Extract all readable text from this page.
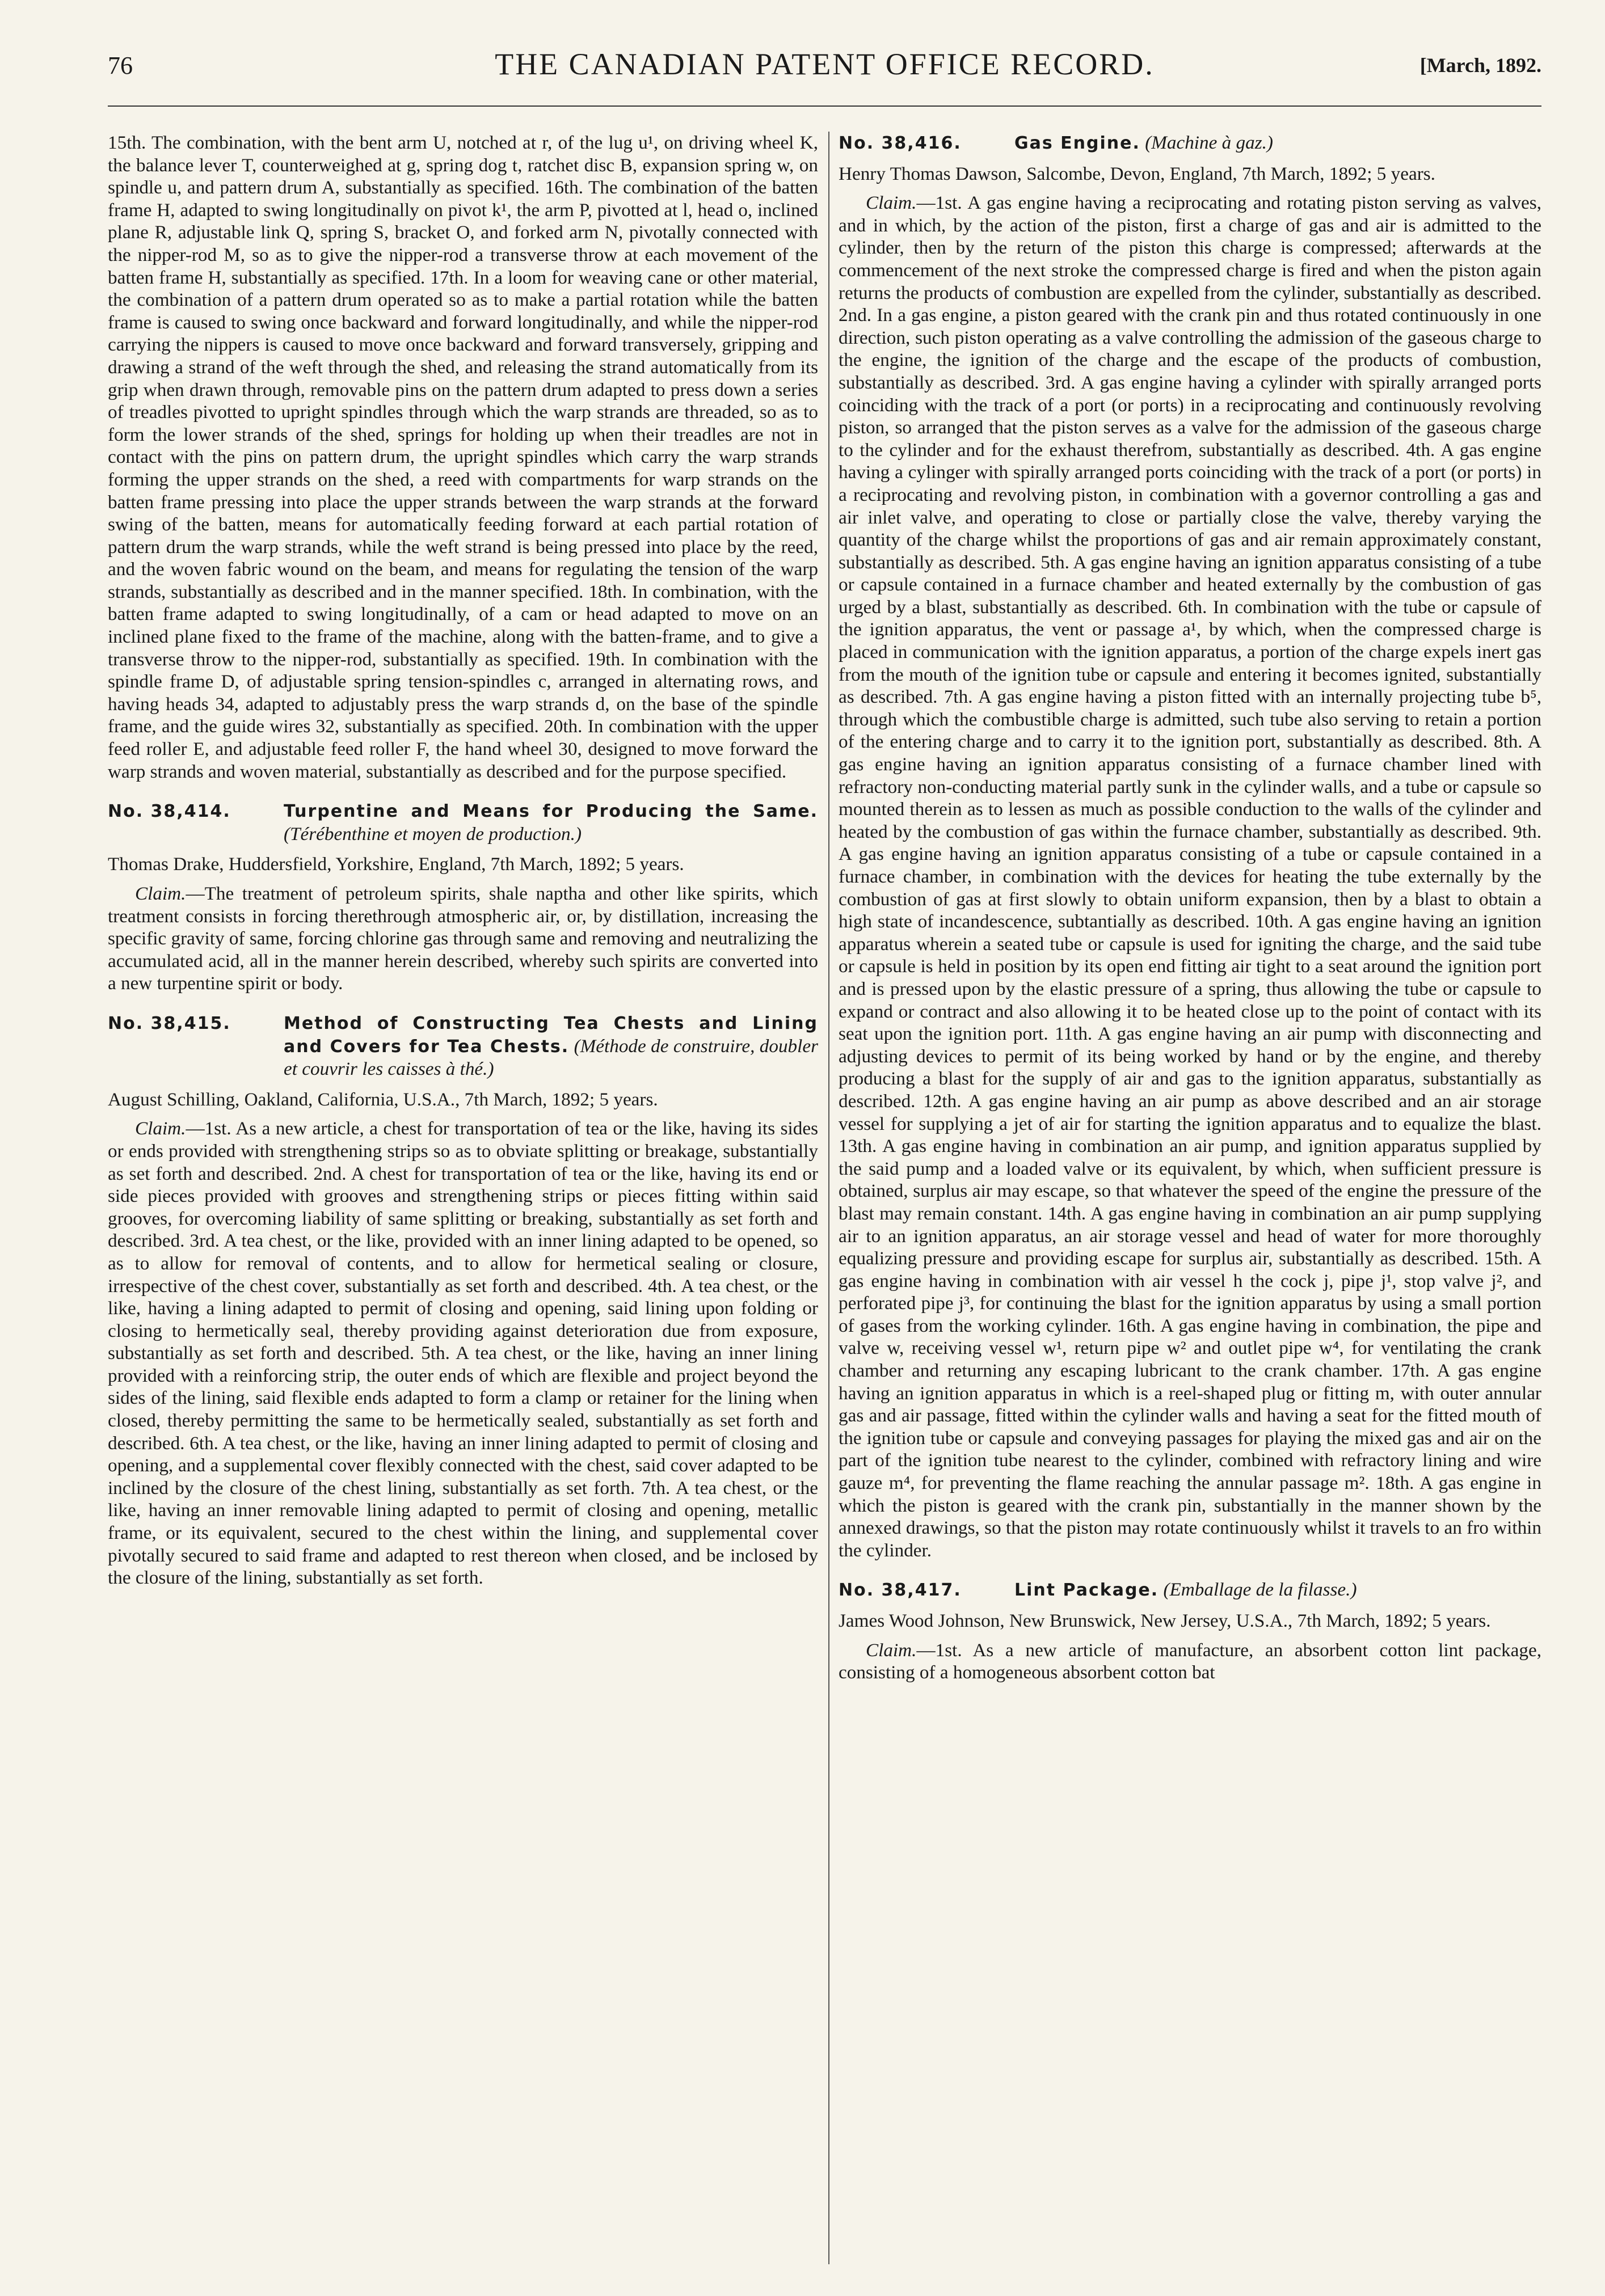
76	THE CANADIAN PATENT OFFICE RECORD.	[March, 1892.

15th. The combination, with the bent arm U, notched at r, of the lug u¹, on driving wheel K, the balance lever T, counterweighed at g, spring dog t, ratchet disc B, expansion spring w, on spindle u, and pattern drum A, substantially as specified. 16th. The combination of the batten frame H, adapted to swing longitudinally on pivot k¹, the arm P, pivotted at l, head o, inclined plane R, adjustable link Q, spring S, bracket O, and forked arm N, pivotally connected with the nipper-rod M, so as to give the nipper-rod a transverse throw at each movement of the batten frame H, substantially as specified. 17th. In a loom for weaving cane or other material, the combination of a pattern drum operated so as to make a partial rotation while the batten frame is caused to swing once backward and forward longitudinally, and while the nipper-rod carrying the nippers is caused to move once backward and forward transversely, gripping and drawing a strand of the weft through the shed, and releasing the strand automatically from its grip when drawn through, removable pins on the pattern drum adapted to press down a series of treadles pivotted to upright spindles through which the warp strands are threaded, so as to form the lower strands of the shed, springs for holding up when their treadles are not in contact with the pins on pattern drum, the upright spindles which carry the warp strands forming the upper strands on the shed, a reed with compartments for warp strands on the batten frame pressing into place the upper strands between the warp strands at the forward swing of the batten, means for automatically feeding forward at each partial rotation of pattern drum the warp strands, while the weft strand is being pressed into place by the reed, and the woven fabric wound on the beam, and means for regulating the tension of the warp strands, substantially as described and in the manner specified. 18th. In combination, with the batten frame adapted to swing longitudinally, of a cam or head adapted to move on an inclined plane fixed to the frame of the machine, along with the batten-frame, and to give a transverse throw to the nipper-rod, substantially as specified. 19th. In combination with the spindle frame D, of adjustable spring tension-spindles c, arranged in alternating rows, and having heads 34, adapted to adjustably press the warp strands d, on the base of the spindle frame, and the guide wires 32, substantially as specified. 20th. In combination with the upper feed roller E, and adjustable feed roller F, the hand wheel 30, designed to move forward the warp strands and woven material, substantially as described and for the purpose specified.

No. 38,414.	Turpentine and Means for Producing the Same. (Térébenthine et moyen de production.)

Thomas Drake, Huddersfield, Yorkshire, England, 7th March, 1892; 5 years.

Claim.—The treatment of petroleum spirits, shale naptha and other like spirits, which treatment consists in forcing therethrough atmospheric air, or, by distillation, increasing the specific gravity of same, forcing chlorine gas through same and removing and neutralizing the accumulated acid, all in the manner herein described, whereby such spirits are converted into a new turpentine spirit or body.

No. 38,415.	Method of Constructing Tea Chests and Lining and Covers for Tea Chests. (Méthode de construire, doubler et couvrir les caisses à thé.)

August Schilling, Oakland, California, U.S.A., 7th March, 1892; 5 years.

Claim.—1st. As a new article, a chest for transportation of tea or the like, having its sides or ends provided with strengthening strips so as to obviate splitting or breakage, substantially as set forth and described. 2nd. A chest for transportation of tea or the like, having its end or side pieces provided with grooves and strengthening strips or pieces fitting within said grooves, for overcoming liability of same splitting or breaking, substantially as set forth and described. 3rd. A tea chest, or the like, provided with an inner lining adapted to be opened, so as to allow for removal of contents, and to allow for hermetical sealing or closure, irrespective of the chest cover, substantially as set forth and described. 4th. A tea chest, or the like, having a lining adapted to permit of closing and opening, said lining upon folding or closing to hermetically seal, thereby providing against deterioration due from exposure, substantially as set forth and described. 5th. A tea chest, or the like, having an inner lining provided with a reinforcing strip, the outer ends of which are flexible and project beyond the sides of the lining, said flexible ends adapted to form a clamp or retainer for the lining when closed, thereby permitting the same to be hermetically sealed, substantially as set forth and described. 6th. A tea chest, or the like, having an inner lining adapted to permit of closing and opening, and a supplemental cover flexibly connected with the chest, said cover adapted to be inclined by the closure of the chest lining, substantially as set forth. 7th. A tea chest, or the like, having an inner removable lining adapted to permit of closing and opening, metallic frame, or its equivalent, secured to the chest within the lining, and supplemental cover pivotally secured to said frame and adapted to rest thereon when closed, and be inclosed by the closure of the lining, substantially as set forth.

No. 38,416.	Gas Engine. (Machine à gaz.)

Henry Thomas Dawson, Salcombe, Devon, England, 7th March, 1892; 5 years.

Claim.—1st. A gas engine having a reciprocating and rotating piston serving as valves, and in which, by the action of the piston, first a charge of gas and air is admitted to the cylinder, then by the return of the piston this charge is compressed; afterwards at the commencement of the next stroke the compressed charge is fired and when the piston again returns the products of combustion are expelled from the cylinder, substantially as described. 2nd. In a gas engine, a piston geared with the crank pin and thus rotated continuously in one direction, such piston operating as a valve controlling the admission of the gaseous charge to the engine, the ignition of the charge and the escape of the products of combustion, substantially as described. 3rd. A gas engine having a cylinder with spirally arranged ports coinciding with the track of a port (or ports) in a reciprocating and continuously revolving piston, so arranged that the piston serves as a valve for the admission of the gaseous charge to the cylinder and for the exhaust therefrom, substantially as described. 4th. A gas engine having a cylinger with spirally arranged ports coinciding with the track of a port (or ports) in a reciprocating and revolving piston, in combination with a governor controlling a gas and air inlet valve, and operating to close or partially close the valve, thereby varying the quantity of the charge whilst the proportions of gas and air remain approximately constant, substantially as described. 5th. A gas engine having an ignition apparatus consisting of a tube or capsule contained in a furnace chamber and heated externally by the combustion of gas urged by a blast, substantially as described. 6th. In combination with the tube or capsule of the ignition apparatus, the vent or passage a¹, by which, when the compressed charge is placed in communication with the ignition apparatus, a portion of the charge expels inert gas from the mouth of the ignition tube or capsule and entering it becomes ignited, substantially as described. 7th. A gas engine having a piston fitted with an internally projecting tube b⁵, through which the combustible charge is admitted, such tube also serving to retain a portion of the entering charge and to carry it to the ignition port, substantially as described. 8th. A gas engine having an ignition apparatus consisting of a furnace chamber lined with refractory non-conducting material partly sunk in the cylinder walls, and a tube or capsule so mounted therein as to lessen as much as possible conduction to the walls of the cylinder and heated by the combustion of gas within the furnace chamber, substantially as described. 9th. A gas engine having an ignition apparatus consisting of a tube or capsule contained in a furnace chamber, in combination with the devices for heating the tube externally by the combustion of gas at first slowly to obtain uniform expansion, then by a blast to obtain a high state of incandescence, subtantially as described. 10th. A gas engine having an ignition apparatus wherein a seated tube or capsule is used for igniting the charge, and the said tube or capsule is held in position by its open end fitting air tight to a seat around the ignition port and is pressed upon by the elastic pressure of a spring, thus allowing the tube or capsule to expand or contract and also allowing it to be heated close up to the point of contact with its seat upon the ignition port. 11th. A gas engine having an air pump with disconnecting and adjusting devices to permit of its being worked by hand or by the engine, and thereby producing a blast for the supply of air and gas to the ignition apparatus, substantially as described. 12th. A gas engine having an air pump as above described and an air storage vessel for supplying a jet of air for starting the ignition apparatus and to equalize the blast. 13th. A gas engine having in combination an air pump, and ignition apparatus supplied by the said pump and a loaded valve or its equivalent, by which, when sufficient pressure is obtained, surplus air may escape, so that whatever the speed of the engine the pressure of the blast may remain constant. 14th. A gas engine having in combination an air pump supplying air to an ignition apparatus, an air storage vessel and head of water for more thoroughly equalizing pressure and providing escape for surplus air, substantially as described. 15th. A gas engine having in combination with air vessel h the cock j, pipe j¹, stop valve j², and perforated pipe j³, for continuing the blast for the ignition apparatus by using a small portion of gases from the working cylinder. 16th. A gas engine having in combination, the pipe and valve w, receiving vessel w¹, return pipe w² and outlet pipe w⁴, for ventilating the crank chamber and returning any escaping lubricant to the crank chamber. 17th. A gas engine having an ignition apparatus in which is a reel-shaped plug or fitting m, with outer annular gas and air passage, fitted within the cylinder walls and having a seat for the fitted mouth of the ignition tube or capsule and conveying passages for playing the mixed gas and air on the part of the ignition tube nearest to the cylinder, combined with refractory lining and wire gauze m⁴, for preventing the flame reaching the annular passage m². 18th. A gas engine in which the piston is geared with the crank pin, substantially in the manner shown by the annexed drawings, so that the piston may rotate continuously whilst it travels to an fro within the cylinder.

No. 38,417.	Lint Package. (Emballage de la filasse.)

James Wood Johnson, New Brunswick, New Jersey, U.S.A., 7th March, 1892; 5 years.

Claim.—1st. As a new article of manufacture, an absorbent cotton lint package, consisting of a homogeneous absorbent cotton bat
